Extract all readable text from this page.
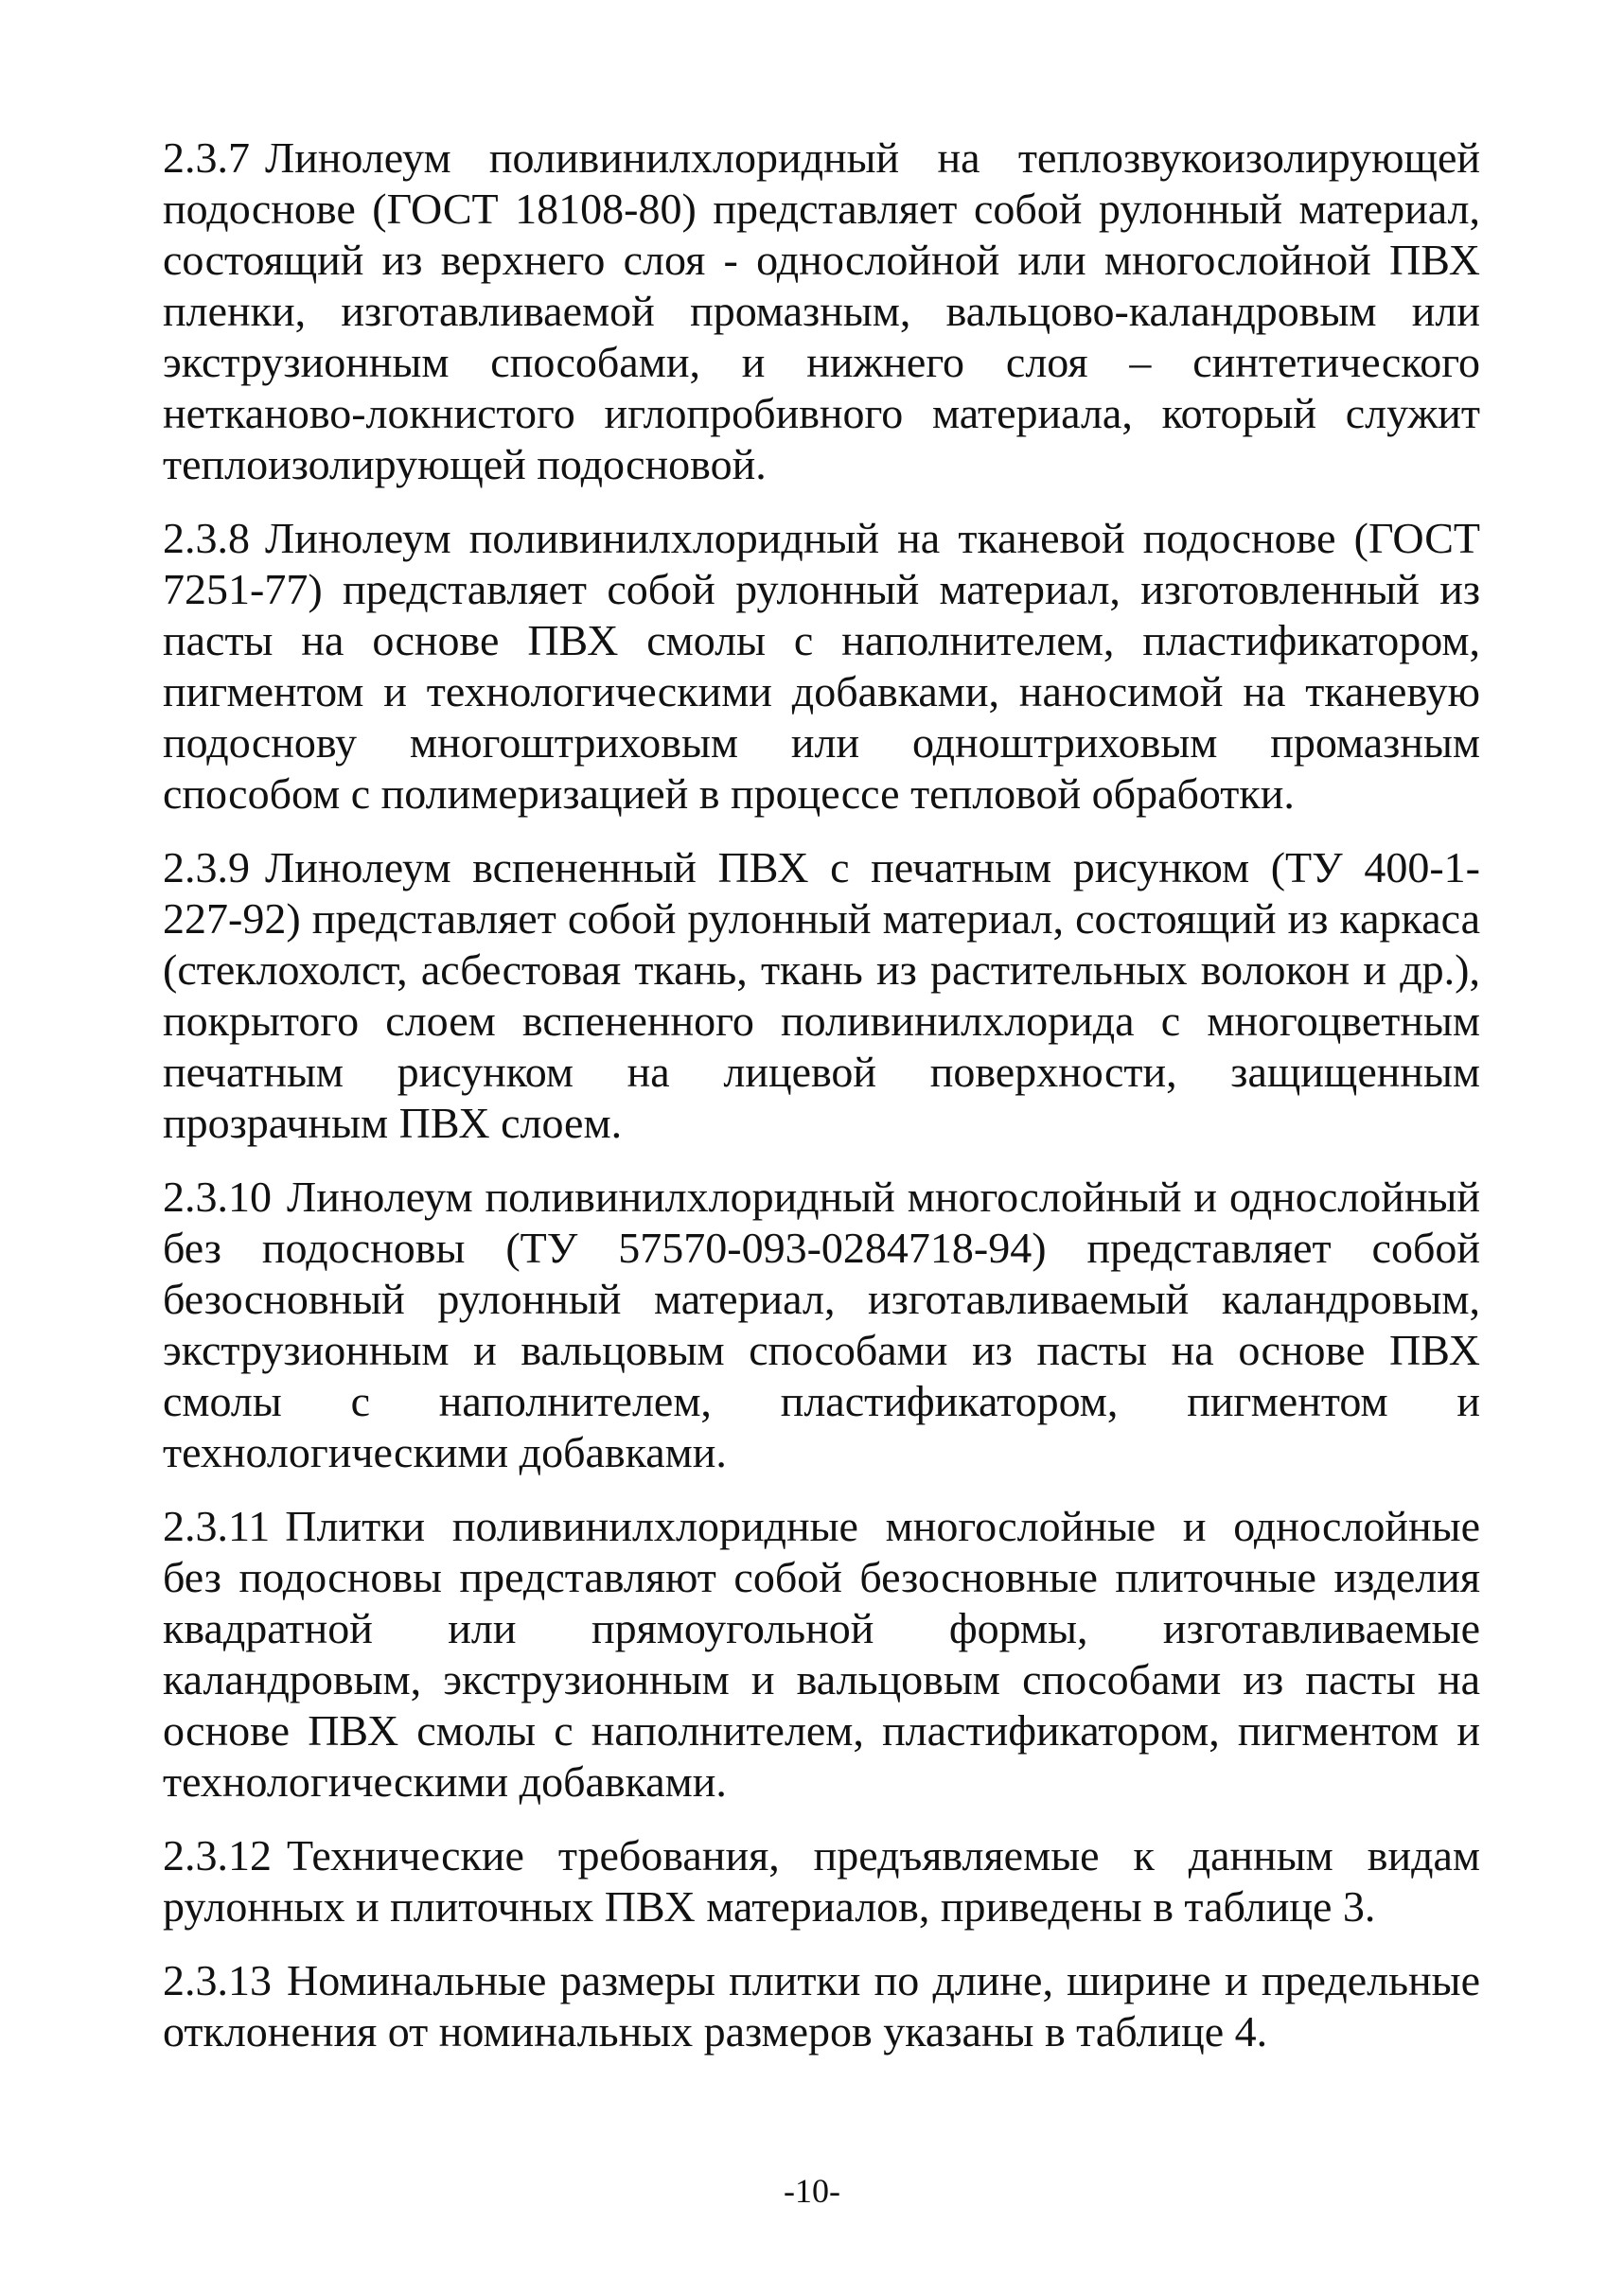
2.3.7 Линолеум поливинилхлоридный на теплозвукоизолирующей подоснове (ГОСТ 18108-80) представляет собой рулонный материал, состоящий из верхнего слоя - однослойной или многослойной ПВХ пленки, изготавливаемой промазным, вальцово-каландровым или экструзионным способами, и нижнего слоя – синтетического нетканово-локнистого иглопробивного материала, который служит теплоизолирующей подосновой.

2.3.8 Линолеум поливинилхлоридный на тканевой подоснове (ГОСТ 7251-77) представляет собой рулонный материал, изготовленный из пасты на основе ПВХ смолы с наполнителем, пластификатором, пигментом и технологическими добавками, наносимой на тканевую подоснову многоштриховым или одноштриховым промазным способом с полимеризацией в процессе тепловой обработки.

2.3.9 Линолеум вспененный ПВХ с печатным рисунком (ТУ 400-1-227-92) представляет собой рулонный материал, состоящий из каркаса (стеклохолст, асбестовая ткань, ткань из растительных волокон и др.), покрытого слоем вспененного поливинилхлорида с многоцветным печатным рисунком на лицевой поверхности, защищенным прозрачным ПВХ слоем.

2.3.10 Линолеум поливинилхлоридный многослойный и однослойный без подосновы (ТУ 57570-093-0284718-94) представляет собой безосновный рулонный материал, изготавливаемый каландровым, экструзионным и вальцовым способами из пасты на основе ПВХ смолы с наполнителем, пластификатором, пигментом и технологическими добавками.

2.3.11 Плитки поливинилхлоридные многослойные и однослойные без подосновы представляют собой безосновные плиточные изделия квадратной или прямоугольной формы, изготавливаемые каландровым, экструзионным и вальцовым способами из пасты на основе ПВХ смолы с наполнителем, пластификатором, пигментом и технологическими добавками.

2.3.12 Технические требования, предъявляемые к данным видам рулонных и плиточных ПВХ материалов, приведены в таблице 3.

2.3.13 Номинальные размеры плитки по длине, ширине и предельные отклонения от номинальных размеров указаны в таблице 4.

-10-
